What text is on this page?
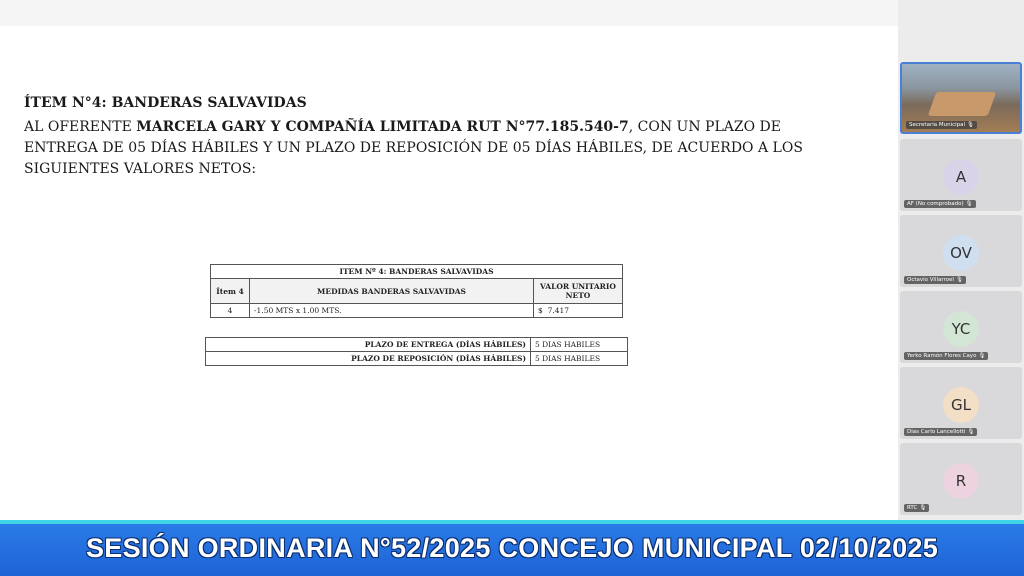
ÍTEM N°4: BANDERAS SALVAVIDAS
AL OFERENTE MARCELA GARY Y COMPAÑÍA LIMITADA RUT N°77.185.540-7, CON UN PLAZO DE ENTREGA DE 05 DÍAS HÁBILES Y UN PLAZO DE REPOSICIÓN DE 05 DÍAS HÁBILES, DE ACUERDO A LOS SIGUIENTES VALORES NETOS:
ITEM Nº 4: BANDERAS SALVAVIDAS		
Ítem 4	MEDIDAS BANDERAS SALVAVIDAS	VALOR UNITARIO NETO
4	-1.50 MTS x 1.00 MTS.	$ 7.417
PLAZO DE ENTREGA (DÍAS HÁBILES)	5 DIAS HABILES
PLAZO DE REPOSICIÓN (DÍAS HÁBILES)	5 DIAS HABILES
Secretaria Municipal 🎙
A
AF (No comprobado) 🎙
OV
Octavio Villarroel 🎙
YC
Yerko Ramón Flores Cayo 🎙
GL
Dias Carlo Lancellotti 🎙
R
RTC 🎙
SESIÓN ORDINARIA N°52/2025 CONCEJO MUNICIPAL 02/10/2025
